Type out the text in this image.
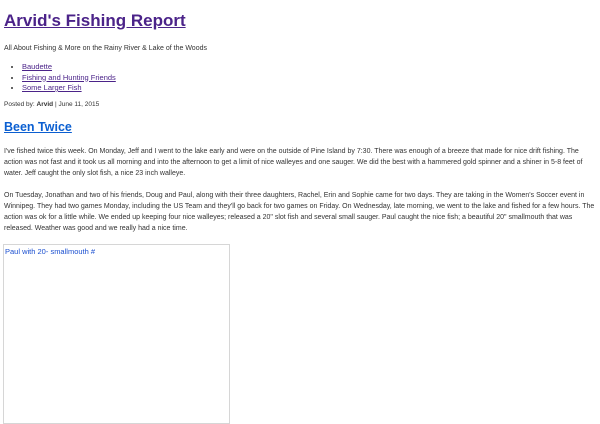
Arvid's Fishing Report
All About Fishing & More on the Rainy River & Lake of the Woods
• Baudette
• Fishing and Hunting Friends
• Some Larger Fish
Posted by: Arvid | June 11, 2015
Been Twice

I've fished twice this week. On Monday, Jeff and I went to the lake early and were on the outside of Pine Island by 7:30. There was enough of a breeze that made for nice drift fishing. The action was not fast and it took us all morning and into the afternoon to get a limit of nice walleyes and one sauger. We did the best with a hammered gold spinner and a shiner in 5-8 feet of water. Jeff caught the only slot fish, a nice 23 inch walleye.

On Tuesday, Jonathan and two of his friends, Doug and Paul, along with their three daughters, Rachel, Erin and Sophie came for two days. They are taking in the Women's Soccer event in Winnipeg. They had two games Monday, including the US Team and they'll go back for two games on Friday. On Wednesday, late morning, we went to the lake and fished for a few hours. The action was ok for a little while. We ended up keeping four nice walleyes; released a 20" slot fish and several small sauger. Paul caught the nice fish; a beautiful 20" smallmouth that was released. Weather was good and we really had a nice time.

Paul with 20- smallmouth #
